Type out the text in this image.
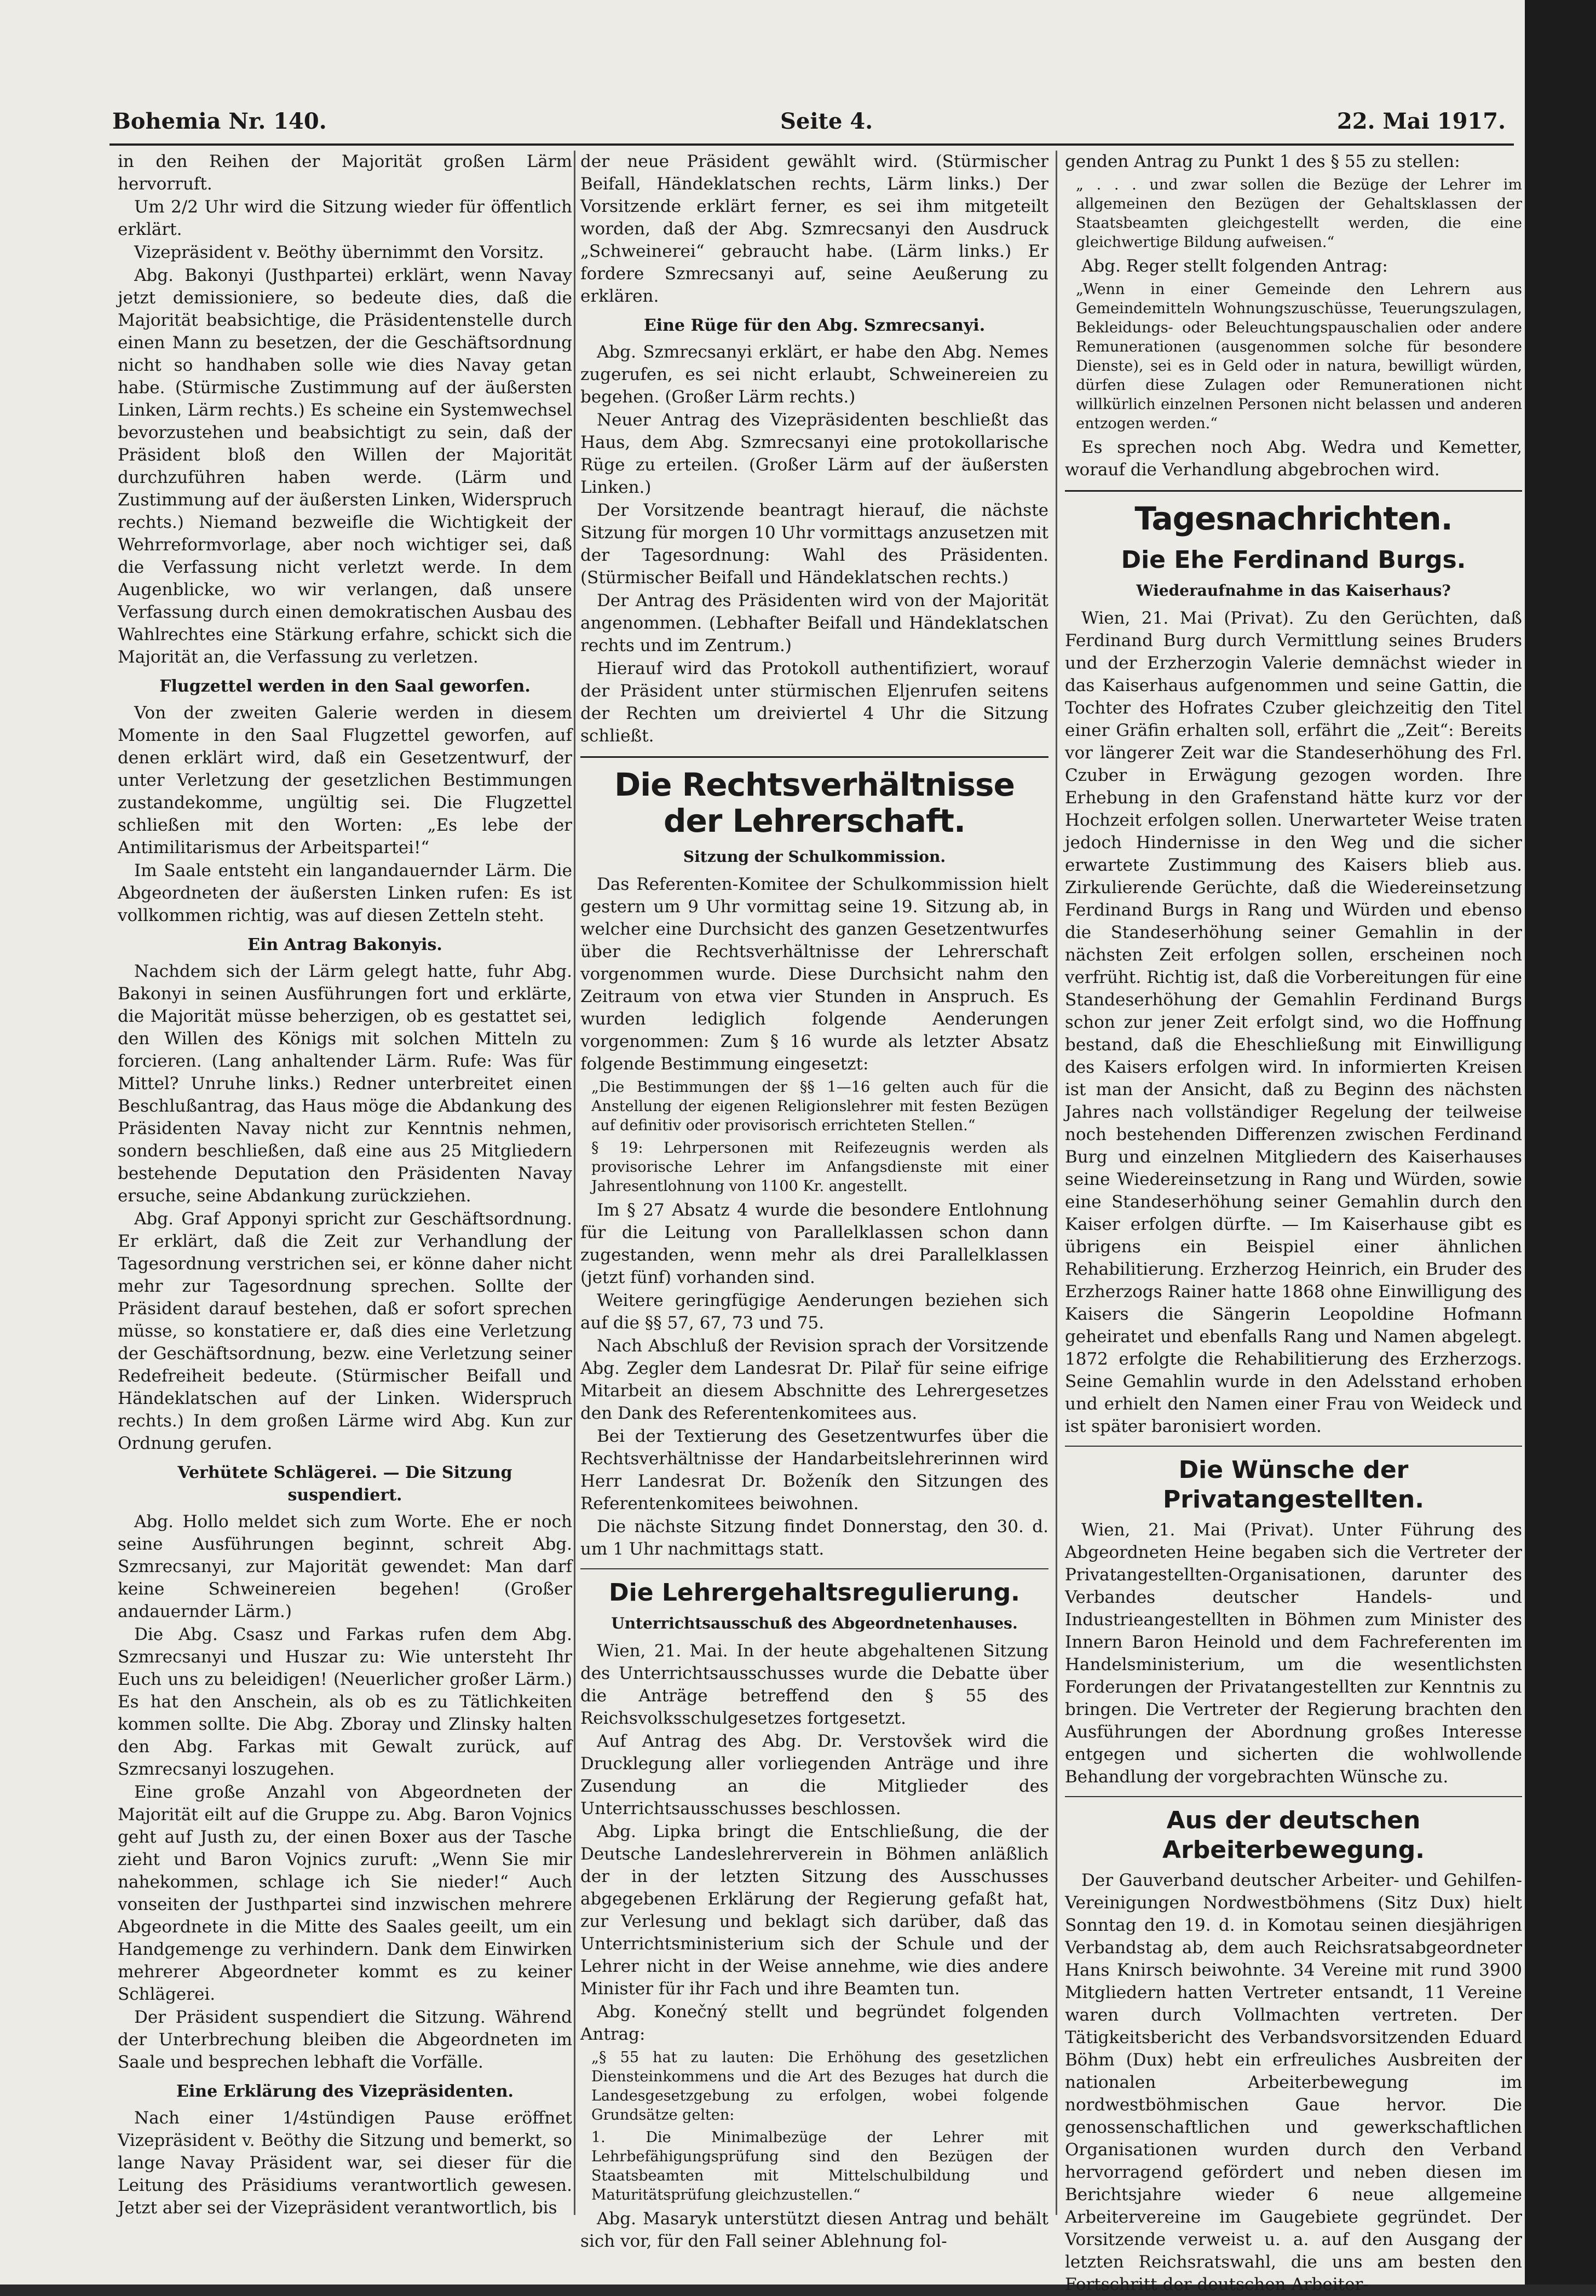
Bohemia Nr. 140.	Seite 4.	22. Mai 1917.

in den Reihen der Majorität großen Lärm hervorruft.

Um 2/2 Uhr wird die Sitzung wieder für öffentlich erklärt.

Vizepräsident v. Beöthy übernimmt den Vorsitz.

Abg. Bakonyi (Justhpartei) erklärt, wenn Navay jetzt demissioniere, so bedeute dies, daß die Majorität beabsichtige, die Präsidentenstelle durch einen Mann zu besetzen, der die Geschäftsordnung nicht so handhaben solle wie dies Navay getan habe. (Stürmische Zustimmung auf der äußersten Linken, Lärm rechts.) Es scheine ein Systemwechsel bevorzustehen und beabsichtigt zu sein, daß der Präsident bloß den Willen der Majorität durchzuführen haben werde. (Lärm und Zustimmung auf der äußersten Linken, Widerspruch rechts.) Niemand bezweifle die Wichtigkeit der Wehrreformvorlage, aber noch wichtiger sei, daß die Verfassung nicht verletzt werde. In dem Augenblicke, wo wir verlangen, daß unsere Verfassung durch einen demokratischen Ausbau des Wahlrechtes eine Stärkung erfahre, schickt sich die Majorität an, die Verfassung zu verletzen.

Flugzettel werden in den Saal geworfen.

Von der zweiten Galerie werden in diesem Momente in den Saal Flugzettel geworfen, auf denen erklärt wird, daß ein Gesetzentwurf, der unter Verletzung der gesetzlichen Bestimmungen zustandekomme, ungültig sei. Die Flugzettel schließen mit den Worten: „Es lebe der Antimilitarismus der Arbeitspartei!“

Im Saale entsteht ein langandauernder Lärm. Die Abgeordneten der äußersten Linken rufen: Es ist vollkommen richtig, was auf diesen Zetteln steht.

Ein Antrag Bakonyis.

Nachdem sich der Lärm gelegt hatte, fuhr Abg. Bakonyi in seinen Ausführungen fort und erklärte, die Majorität müsse beherzigen, ob es gestattet sei, den Willen des Königs mit solchen Mitteln zu forcieren. (Lang anhaltender Lärm. Rufe: Was für Mittel? Unruhe links.) Redner unterbreitet einen Beschlußantrag, das Haus möge die Abdankung des Präsidenten Navay nicht zur Kenntnis nehmen, sondern beschließen, daß eine aus 25 Mitgliedern bestehende Deputation den Präsidenten Navay ersuche, seine Abdankung zurückziehen.

Abg. Graf Apponyi spricht zur Geschäftsordnung. Er erklärt, daß die Zeit zur Verhandlung der Tagesordnung verstrichen sei, er könne daher nicht mehr zur Tagesordnung sprechen. Sollte der Präsident darauf bestehen, daß er sofort sprechen müsse, so konstatiere er, daß dies eine Verletzung der Geschäftsordnung, bezw. eine Verletzung seiner Redefreiheit bedeute. (Stürmischer Beifall und Händeklatschen auf der Linken. Widerspruch rechts.) In dem großen Lärme wird Abg. Kun zur Ordnung gerufen.

Verhütete Schlägerei. — Die Sitzung suspendiert.

Abg. Hollo meldet sich zum Worte. Ehe er noch seine Ausführungen beginnt, schreit Abg. Szmrecsanyi, zur Majorität gewendet: Man darf keine Schweinereien begehen! (Großer andauernder Lärm.)

Die Abg. Csasz und Farkas rufen dem Abg. Szmrecsanyi und Huszar zu: Wie untersteht Ihr Euch uns zu beleidigen! (Neuerlicher großer Lärm.) Es hat den Anschein, als ob es zu Tätlichkeiten kommen sollte. Die Abg. Zboray und Zlinsky halten den Abg. Farkas mit Gewalt zurück, auf Szmrecsanyi loszugehen.

Eine große Anzahl von Abgeordneten der Majorität eilt auf die Gruppe zu. Abg. Baron Vojnics geht auf Justh zu, der einen Boxer aus der Tasche zieht und Baron Vojnics zuruft: „Wenn Sie mir nahekommen, schlage ich Sie nieder!“ Auch vonseiten der Justhpartei sind inzwischen mehrere Abgeordnete in die Mitte des Saales geeilt, um ein Handgemenge zu verhindern. Dank dem Einwirken mehrerer Abgeordneter kommt es zu keiner Schlägerei.

Der Präsident suspendiert die Sitzung. Während der Unterbrechung bleiben die Abgeordneten im Saale und besprechen lebhaft die Vorfälle.

Eine Erklärung des Vizepräsidenten.

Nach einer 1/4stündigen Pause eröffnet Vizepräsident v. Beöthy die Sitzung und bemerkt, so lange Navay Präsident war, sei dieser für die Leitung des Präsidiums verantwortlich gewesen. Jetzt aber sei der Vizepräsident verantwortlich, bis

der neue Präsident gewählt wird. (Stürmischer Beifall, Händeklatschen rechts, Lärm links.) Der Vorsitzende erklärt ferner, es sei ihm mitgeteilt worden, daß der Abg. Szmrecsanyi den Ausdruck „Schweinerei“ gebraucht habe. (Lärm links.) Er fordere Szmrecsanyi auf, seine Aeußerung zu erklären.

Eine Rüge für den Abg. Szmrecsanyi.

Abg. Szmrecsanyi erklärt, er habe den Abg. Nemes zugerufen, es sei nicht erlaubt, Schweinereien zu begehen. (Großer Lärm rechts.)

Neuer Antrag des Vizepräsidenten beschließt das Haus, dem Abg. Szmrecsanyi eine protokollarische Rüge zu erteilen. (Großer Lärm auf der äußersten Linken.)

Der Vorsitzende beantragt hierauf, die nächste Sitzung für morgen 10 Uhr vormittags anzusetzen mit der Tagesordnung: Wahl des Präsidenten. (Stürmischer Beifall und Händeklatschen rechts.)

Der Antrag des Präsidenten wird von der Majorität angenommen. (Lebhafter Beifall und Händeklatschen rechts und im Zentrum.)

Hierauf wird das Protokoll authentifiziert, worauf der Präsident unter stürmischen Eljenrufen seitens der Rechten um dreiviertel 4 Uhr die Sitzung schließt.

Die Rechtsverhältnisse der Lehrerschaft.
Sitzung der Schulkommission.

Das Referenten-Komitee der Schulkommission hielt gestern um 9 Uhr vormittag seine 19. Sitzung ab, in welcher eine Durchsicht des ganzen Gesetzentwurfes über die Rechtsverhältnisse der Lehrerschaft vorgenommen wurde. Diese Durchsicht nahm den Zeitraum von etwa vier Stunden in Anspruch. Es wurden lediglich folgende Aenderungen vorgenommen: Zum § 16 wurde als letzter Absatz folgende Bestimmung eingesetzt:

„Die Bestimmungen der §§ 1—16 gelten auch für die Anstellung der eigenen Religionslehrer mit festen Bezügen auf definitiv oder provisorisch errichteten Stellen.“

§ 19: Lehrpersonen mit Reifezeugnis werden als provisorische Lehrer im Anfangsdienste mit einer Jahresentlohnung von 1100 Kr. angestellt.

Im § 27 Absatz 4 wurde die besondere Entlohnung für die Leitung von Parallelklassen schon dann zugestanden, wenn mehr als drei Parallelklassen (jetzt fünf) vorhanden sind.

Weitere geringfügige Aenderungen beziehen sich auf die §§ 57, 67, 73 und 75.

Nach Abschluß der Revision sprach der Vorsitzende Abg. Zegler dem Landesrat Dr. Pilař für seine eifrige Mitarbeit an diesem Abschnitte des Lehrergesetzes den Dank des Referentenkomitees aus.

Bei der Textierung des Gesetzentwurfes über die Rechtsverhältnisse der Handarbeitslehrerinnen wird Herr Landesrat Dr. Boženík den Sitzungen des Referentenkomitees beiwohnen.

Die nächste Sitzung findet Donnerstag, den 30. d. um 1 Uhr nachmittags statt.

Die Lehrergehaltsregulierung.
Unterrichtsausschuß des Abgeordnetenhauses.

Wien, 21. Mai. In der heute abgehaltenen Sitzung des Unterrichtsausschusses wurde die Debatte über die Anträge betreffend den § 55 des Reichsvolksschulgesetzes fortgesetzt.

Auf Antrag des Abg. Dr. Verstovšek wird die Drucklegung aller vorliegenden Anträge und ihre Zusendung an die Mitglieder des Unterrichtsausschusses beschlossen.

Abg. Lipka bringt die Entschließung, die der Deutsche Landeslehrerverein in Böhmen anläßlich der in der letzten Sitzung des Ausschusses abgegebenen Erklärung der Regierung gefaßt hat, zur Verlesung und beklagt sich darüber, daß das Unterrichtsministerium sich der Schule und der Lehrer nicht in der Weise annehme, wie dies andere Minister für ihr Fach und ihre Beamten tun.

Abg. Konečný stellt und begründet folgenden Antrag:

„§ 55 hat zu lauten: Die Erhöhung des gesetzlichen Diensteinkommens und die Art des Bezuges hat durch die Landesgesetzgebung zu erfolgen, wobei folgende Grundsätze gelten:

1. Die Minimalbezüge der Lehrer mit Lehrbefähigungsprüfung sind den Bezügen der Staatsbeamten mit Mittelschulbildung und Maturitätsprüfung gleichzustellen.“

Abg. Masaryk unterstützt diesen Antrag und behält sich vor, für den Fall seiner Ablehnung fol-

genden Antrag zu Punkt 1 des § 55 zu stellen:

„ . . . und zwar sollen die Bezüge der Lehrer im allgemeinen den Bezügen der Gehaltsklassen der Staatsbeamten gleichgestellt werden, die eine gleichwertige Bildung aufweisen.“

Abg. Reger stellt folgenden Antrag:

„Wenn in einer Gemeinde den Lehrern aus Gemeindemitteln Wohnungszuschüsse, Teuerungszulagen, Bekleidungs- oder Beleuchtungspauschalien oder andere Remunerationen (ausgenommen solche für besondere Dienste), sei es in Geld oder in natura, bewilligt würden, dürfen diese Zulagen oder Remunerationen nicht willkürlich einzelnen Personen nicht belassen und anderen entzogen werden.“

Es sprechen noch Abg. Wedra und Kemetter, worauf die Verhandlung abgebrochen wird.

Tagesnachrichten.
Die Ehe Ferdinand Burgs.
Wiederaufnahme in das Kaiserhaus?

Wien, 21. Mai (Privat). Zu den Gerüchten, daß Ferdinand Burg durch Vermittlung seines Bruders und der Erzherzogin Valerie demnächst wieder in das Kaiserhaus aufgenommen und seine Gattin, die Tochter des Hofrates Czuber gleichzeitig den Titel einer Gräfin erhalten soll, erfährt die „Zeit“: Bereits vor längerer Zeit war die Standeserhöhung des Frl. Czuber in Erwägung gezogen worden. Ihre Erhebung in den Grafenstand hätte kurz vor der Hochzeit erfolgen sollen. Unerwarteter Weise traten jedoch Hindernisse in den Weg und die sicher erwartete Zustimmung des Kaisers blieb aus. Zirkulierende Gerüchte, daß die Wiedereinsetzung Ferdinand Burgs in Rang und Würden und ebenso die Standeserhöhung seiner Gemahlin in der nächsten Zeit erfolgen sollen, erscheinen noch verfrüht. Richtig ist, daß die Vorbereitungen für eine Standeserhöhung der Gemahlin Ferdinand Burgs schon zur jener Zeit erfolgt sind, wo die Hoffnung bestand, daß die Eheschließung mit Einwilligung des Kaisers erfolgen wird. In informierten Kreisen ist man der Ansicht, daß zu Beginn des nächsten Jahres nach vollständiger Regelung der teilweise noch bestehenden Differenzen zwischen Ferdinand Burg und einzelnen Mitgliedern des Kaiserhauses seine Wiedereinsetzung in Rang und Würden, sowie eine Standeserhöhung seiner Gemahlin durch den Kaiser erfolgen dürfte. — Im Kaiserhause gibt es übrigens ein Beispiel einer ähnlichen Rehabilitierung. Erzherzog Heinrich, ein Bruder des Erzherzogs Rainer hatte 1868 ohne Einwilligung des Kaisers die Sängerin Leopoldine Hofmann geheiratet und ebenfalls Rang und Namen abgelegt. 1872 erfolgte die Rehabilitierung des Erzherzogs. Seine Gemahlin wurde in den Adelsstand erhoben und erhielt den Namen einer Frau von Weideck und ist später baronisiert worden.

Die Wünsche der Privatangestellten.

Wien, 21. Mai (Privat). Unter Führung des Abgeordneten Heine begaben sich die Vertreter der Privatangestellten-Organisationen, darunter des Verbandes deutscher Handels- und Industrieangestellten in Böhmen zum Minister des Innern Baron Heinold und dem Fachreferenten im Handelsministerium, um die wesentlichsten Forderungen der Privatangestellten zur Kenntnis zu bringen. Die Vertreter der Regierung brachten den Ausführungen der Abordnung großes Interesse entgegen und sicherten die wohlwollende Behandlung der vorgebrachten Wünsche zu.

Aus der deutschen Arbeiterbewegung.

Der Gauverband deutscher Arbeiter- und Gehilfen-Vereinigungen Nordwestböhmens (Sitz Dux) hielt Sonntag den 19. d. in Komotau seinen diesjährigen Verbandstag ab, dem auch Reichsratsabgeordneter Hans Knirsch beiwohnte. 34 Vereine mit rund 3900 Mitgliedern hatten Vertreter entsandt, 11 Vereine waren durch Vollmachten vertreten. Der Tätigkeitsbericht des Verbandsvorsitzenden Eduard Böhm (Dux) hebt ein erfreuliches Ausbreiten der nationalen Arbeiterbewegung im nordwestböhmischen Gaue hervor. Die genossenschaftlichen und gewerkschaftlichen Organisationen wurden durch den Verband hervorragend gefördert und neben diesen im Berichtsjahre wieder 6 neue allgemeine Arbeitervereine im Gaugebiete gegründet. Der Vorsitzende verweist u. a. auf den Ausgang der letzten Reichsratswahl, die uns am besten den Fortschritt der deutschen Arbeiter-
